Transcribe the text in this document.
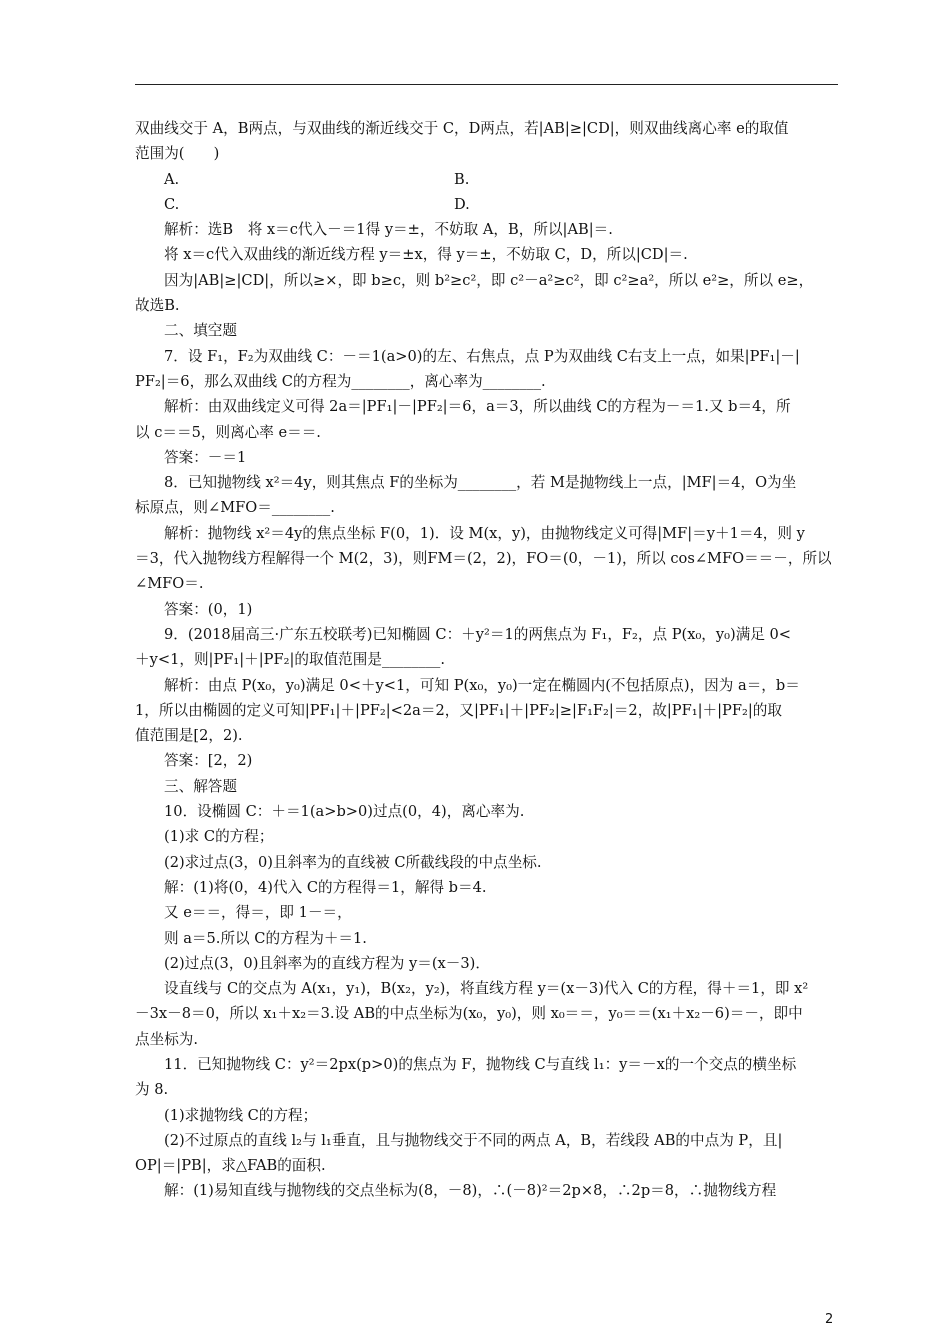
双曲线交于 A，B两点，与双曲线的渐近线交于 C，D两点，若|AB|≥|CD|，则双曲线离心率 e的取值

范围为(　　)

A.	B.
C.	D.

解析：选B　将 x＝c代入－＝1得 y＝±，不妨取 A，B，所以|AB|＝.

将 x＝c代入双曲线的渐近线方程 y＝±x，得 y＝±，不妨取 C，D，所以|CD|＝.

因为|AB|≥|CD|，所以≥×，即 b≥c，则 b²≥c²，即 c²－a²≥c²，即 c²≥a²，所以 e²≥，所以 e≥，

故选B.

二、填空题

7．设 F₁，F₂为双曲线 C：－＝1(a>0)的左、右焦点，点 P为双曲线 C右支上一点，如果|PF₁|－|

PF₂|＝6，那么双曲线 C的方程为________，离心率为________.

解析：由双曲线定义可得 2a＝|PF₁|－|PF₂|＝6，a＝3，所以曲线 C的方程为－＝1.又 b＝4，所

以 c＝＝5，则离心率 e＝＝.

答案：－＝1

8．已知抛物线 x²＝4y，则其焦点 F的坐标为________，若 M是抛物线上一点，|MF|＝4，O为坐

标原点，则∠MFO＝________.

解析：抛物线 x²＝4y的焦点坐标 F(0，1)．设 M(x，y)，由抛物线定义可得|MF|＝y＋1＝4，则 y

＝3，代入抛物线方程解得一个 M(2，3)，则FM＝(2，2)，FO＝(0，－1)，所以 cos∠MFO＝＝－，所以

∠MFO＝.

答案：(0，1)

9．(2018届高三·广东五校联考)已知椭圆 C：＋y²＝1的两焦点为 F₁，F₂，点 P(x₀，y₀)满足 0<

＋y<1，则|PF₁|＋|PF₂|的取值范围是________.

解析：由点 P(x₀，y₀)满足 0<＋y<1，可知 P(x₀，y₀)一定在椭圆内(不包括原点)，因为 a＝，b＝

1，所以由椭圆的定义可知|PF₁|＋|PF₂|<2a＝2，又|PF₁|＋|PF₂|≥|F₁F₂|＝2，故|PF₁|＋|PF₂|的取

值范围是[2，2).

答案：[2，2)

三、解答题

10．设椭圆 C：＋＝1(a>b>0)过点(0，4)，离心率为.

(1)求 C的方程；

(2)求过点(3，0)且斜率为的直线被 C所截线段的中点坐标.

解：(1)将(0，4)代入 C的方程得＝1，解得 b＝4.

又 e＝＝，得＝，即 1－＝，

则 a＝5.所以 C的方程为＋＝1.

(2)过点(3，0)且斜率为的直线方程为 y＝(x－3)．

设直线与 C的交点为 A(x₁，y₁)，B(x₂，y₂)，将直线方程 y＝(x－3)代入 C的方程，得＋＝1，即 x²

－3x－8＝0，所以 x₁＋x₂＝3.设 AB的中点坐标为(x₀，y₀)，则 x₀＝＝，y₀＝＝(x₁＋x₂－6)＝－，即中

点坐标为.

11．已知抛物线 C：y²＝2px(p>0)的焦点为 F，抛物线 C与直线 l₁：y＝－x的一个交点的横坐标

为 8.

(1)求抛物线 C的方程；

(2)不过原点的直线 l₂与 l₁垂直，且与抛物线交于不同的两点 A，B，若线段 AB的中点为 P，且|

OP|＝|PB|，求△FAB的面积.

解：(1)易知直线与抛物线的交点坐标为(8，－8)，∴(－8)²＝2p×8，∴2p＝8，∴抛物线方程

2
